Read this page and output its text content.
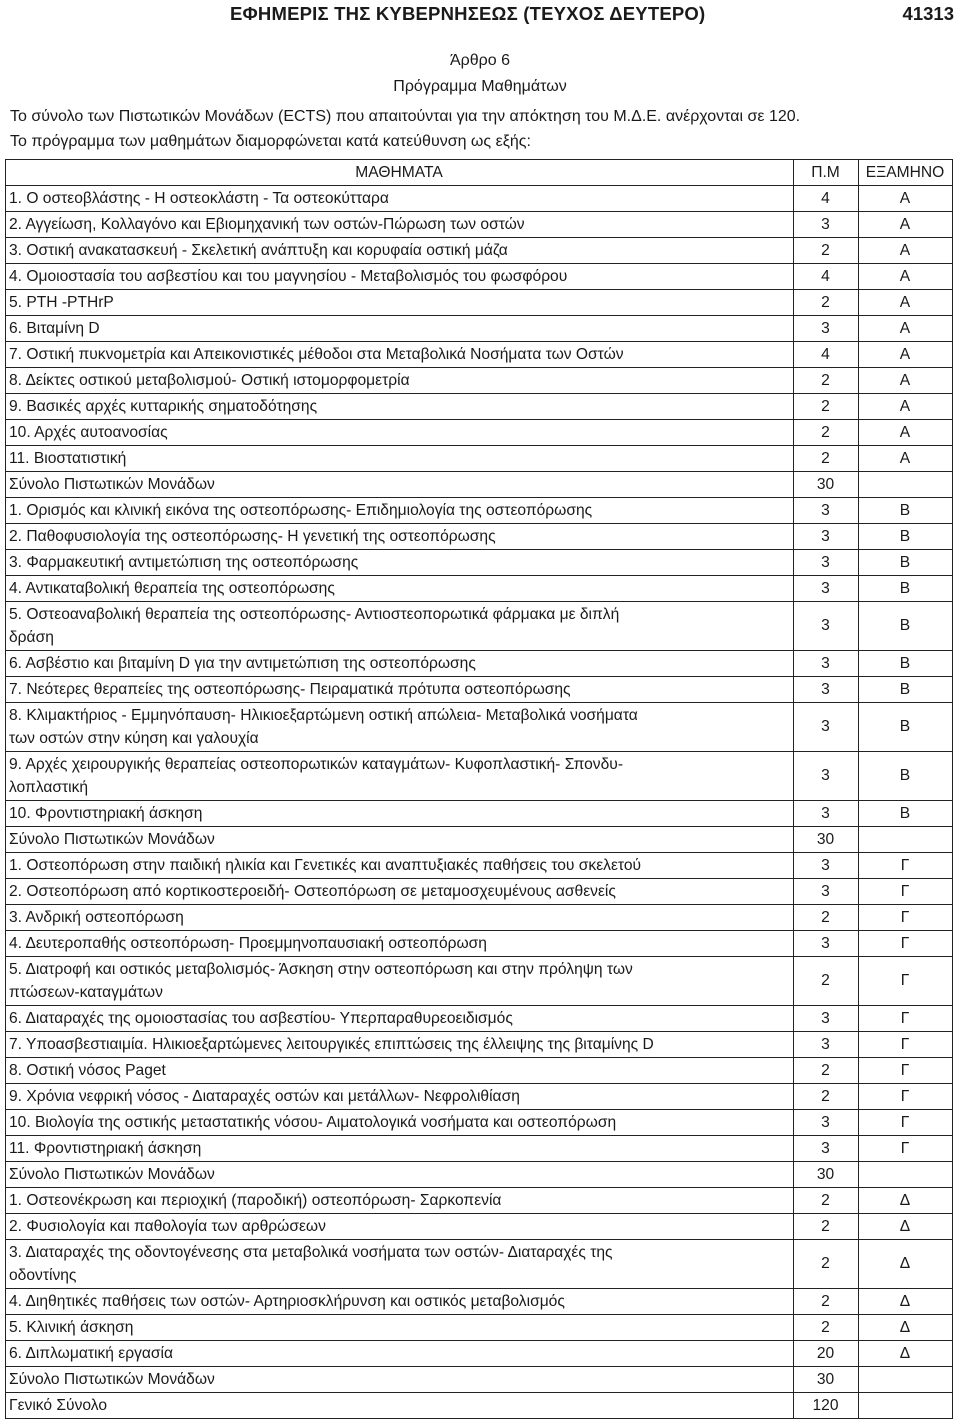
ΕΦΗΜΕΡΙΣ ΤΗΣ ΚΥΒΕΡΝΗΣΕΩΣ (ΤΕΥΧΟΣ ΔΕΥΤΕΡΟ)	41313
Άρθρο 6
Πρόγραμμα Μαθημάτων
Το σύνολο των Πιστωτικών Μονάδων (ECTS) που απαιτούνται για την απόκτηση του Μ.Δ.Ε. ανέρχονται σε 120.
Το πρόγραμμα των μαθημάτων διαμορφώνεται κατά κατεύθυνση ως εξής:
ΜΑΘΗΜΑΤΑ	Π.Μ	ΕΞΑΜΗΝΟ
1. Ο οστεοβλάστης - Η οστεοκλάστη - Τα οστεοκύτταρα	4	Α
2. Αγγείωση, Κολλαγόνο και Εβιομηχανική των οστών-Πώρωση των οστών	3	Α
3. Οστική ανακατασκευή - Σκελετική ανάπτυξη και κορυφαία οστική μάζα	2	Α
4. Ομοιοστασία του ασβεστίου και του μαγνησίου - Μεταβολισμός του φωσφόρου	4	Α
5. PTH -PTHrP	2	Α
6. Βιταμίνη D	3	Α
7. Οστική πυκνομετρία και Απεικονιστικές μέθοδοι στα Μεταβολικά Νοσήματα των Οστών	4	Α
8. Δείκτες οστικού μεταβολισμού- Οστική ιστομορφομετρία	2	Α
9. Βασικές αρχές κυτταρικής σηματοδότησης	2	Α
10. Αρχές αυτοανοσίας	2	Α
11. Βιοστατιστική	2	Α
Σύνολο Πιστωτικών Μονάδων	30	
1. Ορισμός και κλινική εικόνα της οστεοπόρωσης- Επιδημιολογία της οστεοπόρωσης	3	Β
2. Παθοφυσιολογία της οστεοπόρωσης- Η γενετική της οστεοπόρωσης	3	Β
3. Φαρμακευτική αντιμετώπιση της οστεοπόρωσης	3	Β
4. Αντικαταβολική θεραπεία της οστεοπόρωσης	3	Β
5. Οστεοαναβολική θεραπεία της οστεοπόρωσης- Αντιοστεοπορωτικά φάρμακα με διπλή
δράση	3	Β
6. Ασβέστιο και βιταμίνη D για την αντιμετώπιση της οστεοπόρωσης	3	Β
7. Νεότερες θεραπείες της οστεοπόρωσης- Πειραματικά πρότυπα οστεοπόρωσης	3	Β
8. Κλιμακτήριος - Εμμηνόπαυση- Ηλικιοεξαρτώμενη οστική απώλεια- Μεταβολικά νοσήματα
των οστών στην κύηση και γαλουχία	3	Β
9. Αρχές χειρουργικής θεραπείας οστεοπορωτικών καταγμάτων- Κυφοπλαστική- Σπονδυ-
λοπλαστική	3	Β
10. Φροντιστηριακή άσκηση	3	Β
Σύνολο Πιστωτικών Μονάδων	30	
1. Οστεοπόρωση στην παιδική ηλικία και Γενετικές και αναπτυξιακές παθήσεις του σκελετού	3	Γ
2. Οστεοπόρωση από κορτικοστεροειδή- Οστεοπόρωση σε μεταμοσχευμένους ασθενείς	3	Γ
3. Ανδρική οστεοπόρωση	2	Γ
4. Δευτεροπαθής οστεοπόρωση- Προεμμηνοπαυσιακή οστεοπόρωση	3	Γ
5. Διατροφή και οστικός μεταβολισμός- Άσκηση στην οστεοπόρωση και στην πρόληψη των
πτώσεων-καταγμάτων	2	Γ
6. Διαταραχές της ομοιοστασίας του ασβεστίου- Υπερπαραθυρεοειδισμός	3	Γ
7. Υποασβεστιαιμία. Ηλικιοεξαρτώμενες λειτουργικές επιπτώσεις της έλλειψης της βιταμίνης D	3	Γ
8. Οστική νόσος Paget	2	Γ
9. Χρόνια νεφρική νόσος - Διαταραχές οστών και μετάλλων- Νεφρολιθίαση	2	Γ
10. Βιολογία της οστικής μεταστατικής νόσου- Αιματολογικά νοσήματα και οστεοπόρωση	3	Γ
11. Φροντιστηριακή άσκηση	3	Γ
Σύνολο Πιστωτικών Μονάδων	30	
1. Οστεονέκρωση και περιοχική (παροδική) οστεοπόρωση- Σαρκοπενία	2	Δ
2. Φυσιολογία και παθολογία των αρθρώσεων	2	Δ
3. Διαταραχές της οδοντογένεσης στα μεταβολικά νοσήματα των οστών- Διαταραχές της
οδοντίνης	2	Δ
4. Διηθητικές παθήσεις των οστών- Αρτηριοσκλήρυνση και οστικός μεταβολισμός	2	Δ
5. Κλινική άσκηση	2	Δ
6. Διπλωματική εργασία	20	Δ
Σύνολο Πιστωτικών Μονάδων	30	
Γενικό Σύνολο	120	
